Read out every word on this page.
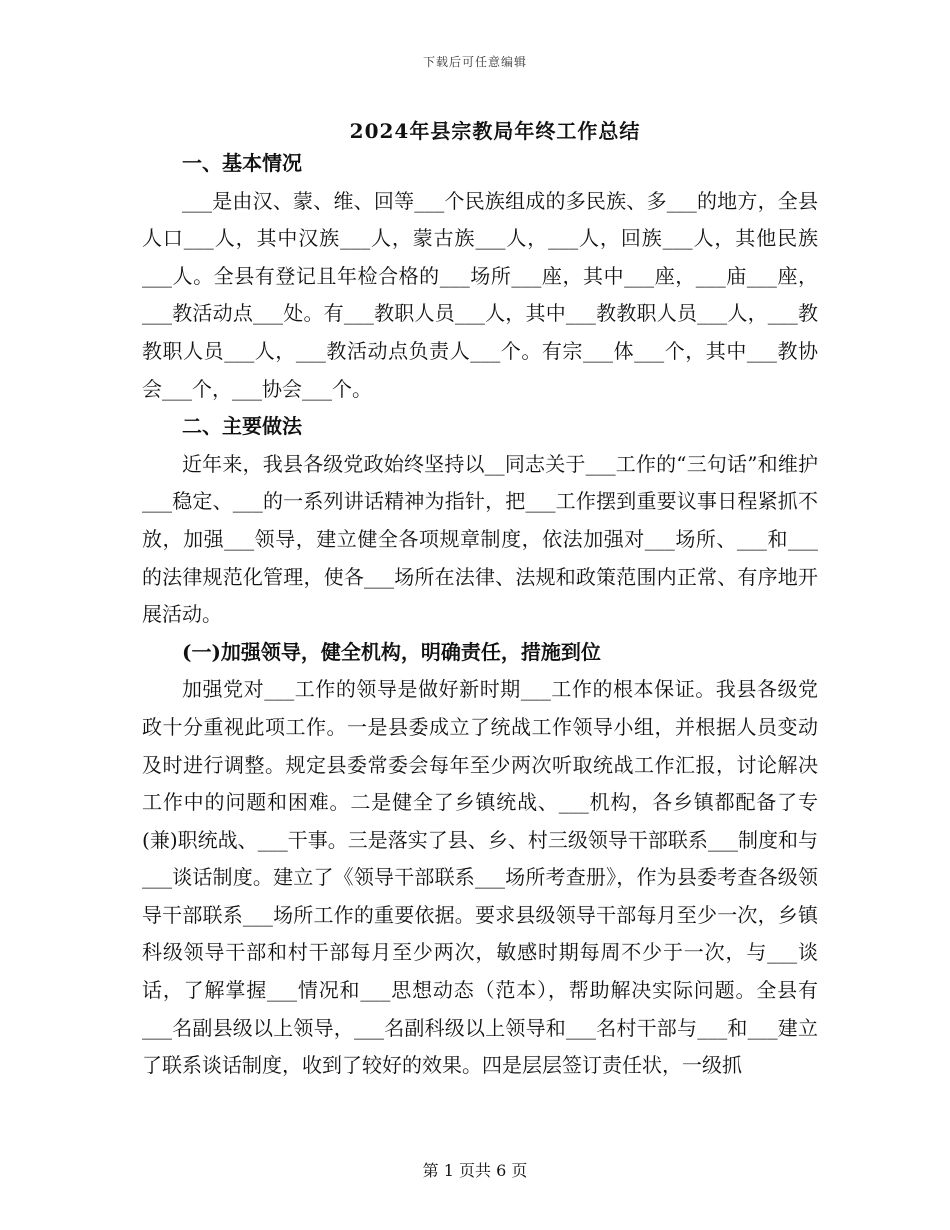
下载后可任意编辑
2024年县宗教局年终工作总结
一、基本情况

___是由汉、蒙、维、回等___个民族组成的多民族、多___的地方，全县人口___人，其中汉族___人，蒙古族___人，___人，回族___人，其他民族___人。全县有登记且年检合格的___场所___座，其中___座，___庙___座，___教活动点___处。有___教职人员___人，其中___教教职人员___人，___教教职人员___人，___教活动点负责人___个。有宗___体___个，其中___教协会___个，___协会___个。

二、主要做法

近年来，我县各级党政始终坚持以__同志关于___工作的“三句话”和维护___稳定、___的一系列讲话精神为指针，把___工作摆到重要议事日程紧抓不放，加强___领导，建立健全各项规章制度，依法加强对___场所、___和___的法律规范化管理，使各___场所在法律、法规和政策范围内正常、有序地开展活动。

(一)加强领导，健全机构，明确责任，措施到位

加强党对___工作的领导是做好新时期___工作的根本保证。我县各级党政十分重视此项工作。一是县委成立了统战工作领导小组，并根据人员变动及时进行调整。规定县委常委会每年至少两次听取统战工作汇报，讨论解决工作中的问题和困难。二是健全了乡镇统战、___机构，各乡镇都配备了专(兼)职统战、___干事。三是落实了县、乡、村三级领导干部联系___制度和与___谈话制度。建立了《领导干部联系___场所考查册》，作为县委考查各级领导干部联系___场所工作的重要依据。要求县级领导干部每月至少一次，乡镇科级领导干部和村干部每月至少两次，敏感时期每周不少于一次，与___谈话，了解掌握___情况和___思想动态（范本），帮助解决实际问题。全县有___名副县级以上领导，___名副科级以上领导和___名村干部与___和___建立了联系谈话制度，收到了较好的效果。四是层层签订责任状，一级抓

第 1 页共 6 页
